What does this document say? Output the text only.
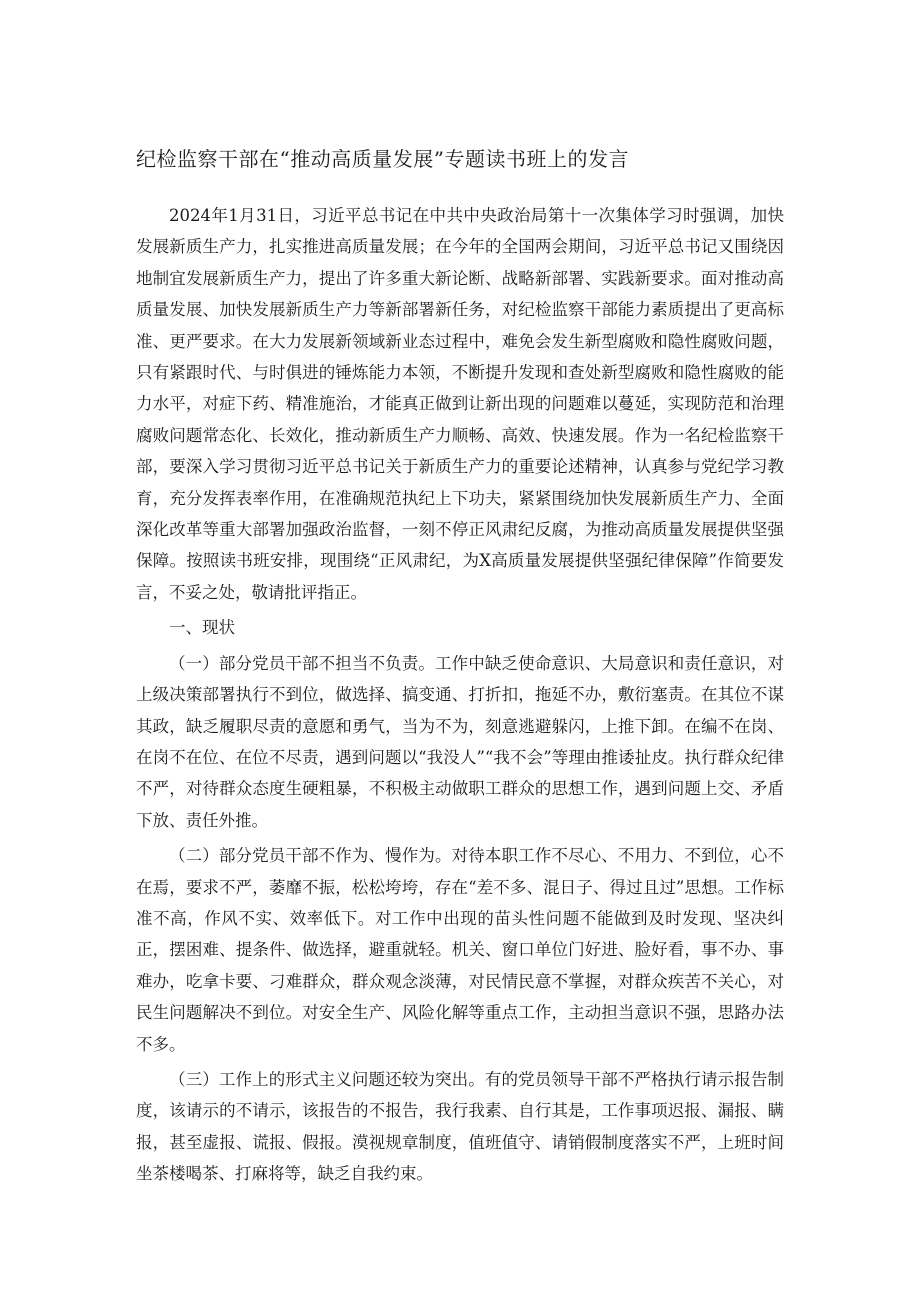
纪检监察干部在“推动高质量发展”专题读书班上的发言

2024年1月31日，习近平总书记在中共中央政治局第十一次集体学习时强调，加快发展新质生产力，扎实推进高质量发展；在今年的全国两会期间，习近平总书记又围绕因地制宜发展新质生产力，提出了许多重大新论断、战略新部署、实践新要求。面对推动高质量发展、加快发展新质生产力等新部署新任务，对纪检监察干部能力素质提出了更高标准、更严要求。在大力发展新领域新业态过程中，难免会发生新型腐败和隐性腐败问题，只有紧跟时代、与时俱进的锤炼能力本领，不断提升发现和查处新型腐败和隐性腐败的能力水平，对症下药、精准施治，才能真正做到让新出现的问题难以蔓延，实现防范和治理腐败问题常态化、长效化，推动新质生产力顺畅、高效、快速发展。作为一名纪检监察干部，要深入学习贯彻习近平总书记关于新质生产力的重要论述精神，认真参与党纪学习教育，充分发挥表率作用，在准确规范执纪上下功夫，紧紧围绕加快发展新质生产力、全面深化改革等重大部署加强政治监督，一刻不停正风肃纪反腐，为推动高质量发展提供坚强保障。按照读书班安排，现围绕“正风肃纪，为X高质量发展提供坚强纪律保障”作简要发言，不妥之处，敬请批评指正。

一、现状

（一）部分党员干部不担当不负责。工作中缺乏使命意识、大局意识和责任意识，对上级决策部署执行不到位，做选择、搞变通、打折扣，拖延不办，敷衍塞责。在其位不谋其政，缺乏履职尽责的意愿和勇气，当为不为，刻意逃避躲闪，上推下卸。在编不在岗、在岗不在位、在位不尽责，遇到问题以“我没人”“我不会”等理由推诿扯皮。执行群众纪律不严，对待群众态度生硬粗暴，不积极主动做职工群众的思想工作，遇到问题上交、矛盾下放、责任外推。

（二）部分党员干部不作为、慢作为。对待本职工作不尽心、不用力、不到位，心不在焉，要求不严，萎靡不振，松松垮垮，存在“差不多、混日子、得过且过”思想。工作标准不高，作风不实、效率低下。对工作中出现的苗头性问题不能做到及时发现、坚决纠正，摆困难、提条件、做选择，避重就轻。机关、窗口单位门好进、脸好看，事不办、事难办，吃拿卡要、刁难群众，群众观念淡薄，对民情民意不掌握，对群众疾苦不关心，对民生问题解决不到位。对安全生产、风险化解等重点工作，主动担当意识不强，思路办法不多。

（三）工作上的形式主义问题还较为突出。有的党员领导干部不严格执行请示报告制度，该请示的不请示，该报告的不报告，我行我素、自行其是，工作事项迟报、漏报、瞒报，甚至虚报、谎报、假报。漠视规章制度，值班值守、请销假制度落实不严，上班时间坐茶楼喝茶、打麻将等，缺乏自我约束。
